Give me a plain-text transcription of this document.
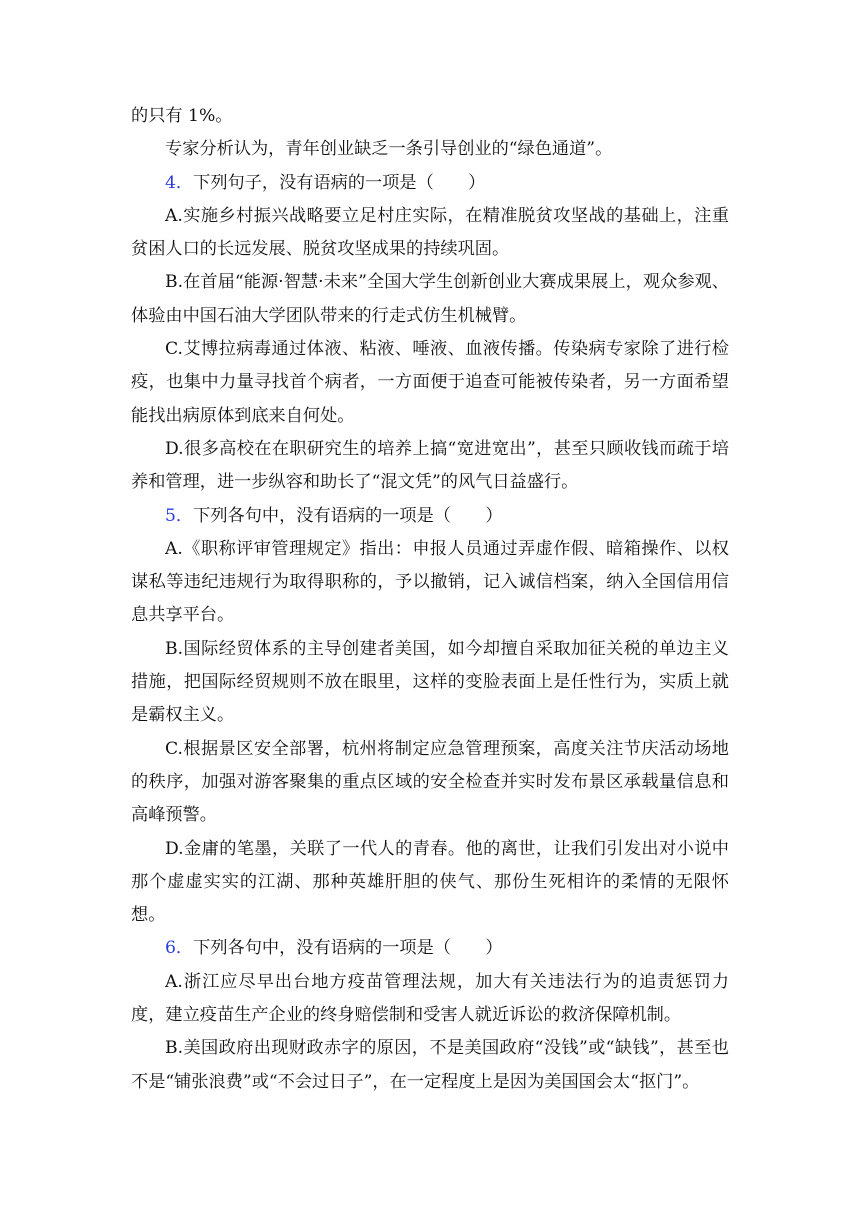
的只有 1%。

专家分析认为，青年创业缺乏一条引导创业的“绿色通道”。

4．下列句子，没有语病的一项是（　　）

A.实施乡村振兴战略要立足村庄实际，在精准脱贫攻坚战的基础上，注重贫困人口的长远发展、脱贫攻坚成果的持续巩固。

B.在首届“能源·智慧·未来”全国大学生创新创业大赛成果展上，观众参观、体验由中国石油大学团队带来的行走式仿生机械臂。

C.艾博拉病毒通过体液、粘液、唾液、血液传播。传染病专家除了进行检疫，也集中力量寻找首个病者，一方面便于追查可能被传染者，另一方面希望能找出病原体到底来自何处。

D.很多高校在在职研究生的培养上搞“宽进宽出”，甚至只顾收钱而疏于培养和管理，进一步纵容和助长了“混文凭”的风气日益盛行。

5．下列各句中，没有语病的一项是（　　）

A.《职称评审管理规定》指出：申报人员通过弄虚作假、暗箱操作、以权谋私等违纪违规行为取得职称的，予以撤销，记入诚信档案，纳入全国信用信息共享平台。

B.国际经贸体系的主导创建者美国，如今却擅自采取加征关税的单边主义措施，把国际经贸规则不放在眼里，这样的变脸表面上是任性行为，实质上就是霸权主义。

C.根据景区安全部署，杭州将制定应急管理预案，高度关注节庆活动场地的秩序，加强对游客聚集的重点区域的安全检查并实时发布景区承载量信息和高峰预警。

D.金庸的笔墨，关联了一代人的青春。他的离世，让我们引发出对小说中那个虚虚实实的江湖、那种英雄肝胆的侠气、那份生死相许的柔情的无限怀想。

6．下列各句中，没有语病的一项是（　　）

A.浙江应尽早出台地方疫苗管理法规，加大有关违法行为的追责惩罚力度，建立疫苗生产企业的终身赔偿制和受害人就近诉讼的救济保障机制。

B.美国政府出现财政赤字的原因，不是美国政府“没钱”或“缺钱”，甚至也不是“铺张浪费”或“不会过日子”，在一定程度上是因为美国国会太“抠门”。
